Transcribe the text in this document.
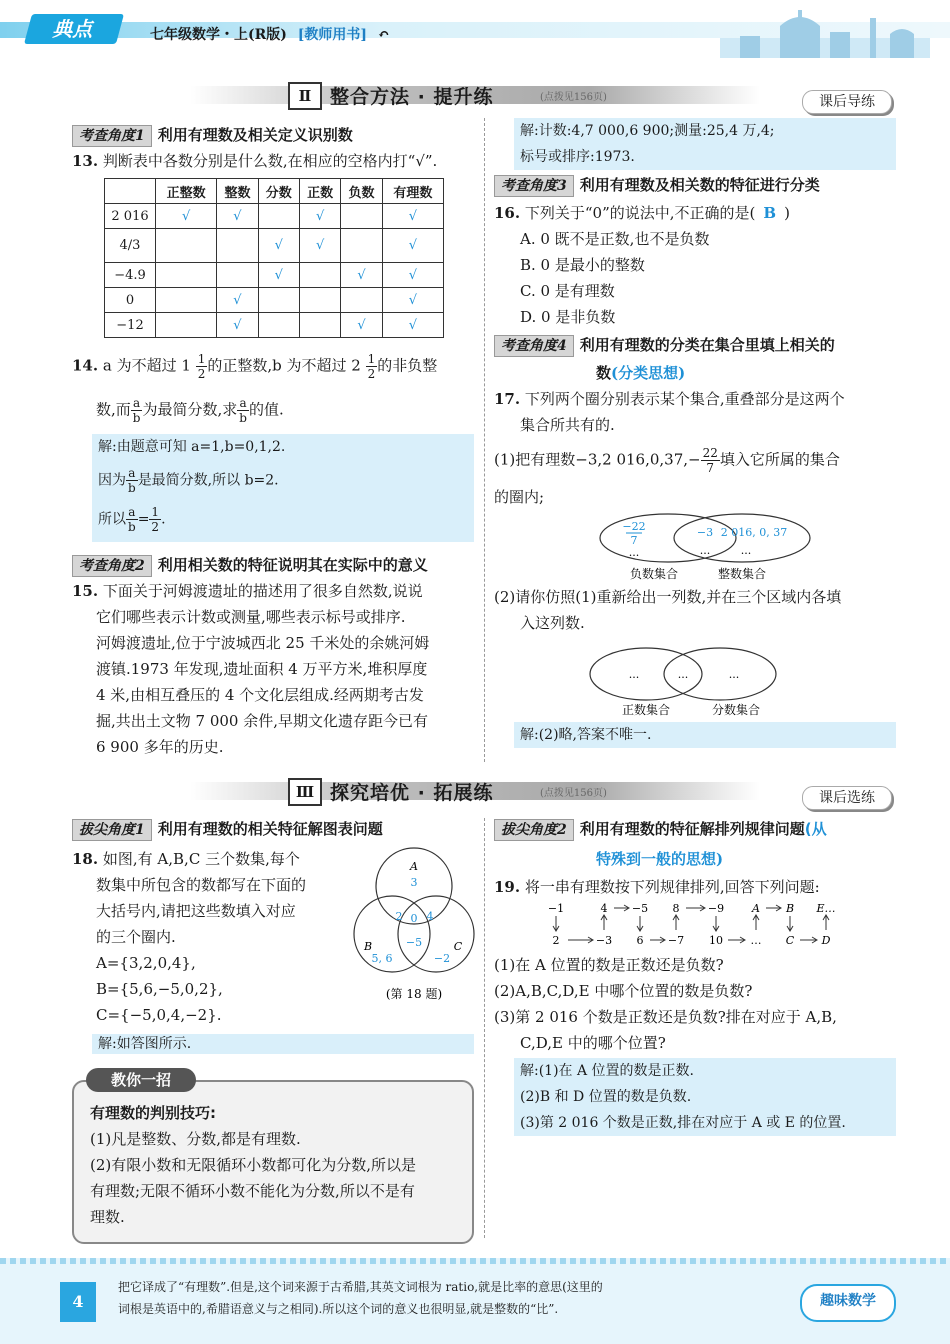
典点	七年级数学・上(R版) [教师用书] ↶
Ⅱ 整合方法 · 提升练	(点拨见156页)	课后导练
考查角度1 利用有理数及相关定义识别数
13. 判断表中各数分别是什么数,在相应的空格内打“√”.
	正整数	整数	分数	正数	负数	有理数
2 016	√	√		√		√
4/3			√	√		√
−4.9			√		√	√
0		√				√
−12		√			√	√
14. a 为不超过 $1 \frac{1}{2}$ 的正整数,b 为不超过 $2 \frac{1}{2}$ 的非负整
数,而 $\frac{a}{b}$ 为最简分数,求 $\frac{a}{b}$ 的值.
解:由题意可知 a=1,b=0,1,2.
因为 $\frac{a}{b}$ 是最简分数,所以 b=2.
所以 $\frac{a}{b} = \frac{1}{2}$ .
考查角度2 利用相关数的特征说明其在实际中的意义
15. 下面关于河姆渡遗址的描述用了很多自然数,说说
它们哪些表示计数或测量,哪些表示标号或排序.
河姆渡遗址,位于宁波城西北 25 千米处的余姚河姆
渡镇.1973 年发现,遗址面积 4 万平方米,堆积厚度
4 米,由相互叠压的 4 个文化层组成.经两期考古发
掘,共出土文物 7 000 余件,早期文化遗存距今已有
6 900 多年的历史.
解:计数:4,7 000,6 900;测量:25,4 万,4;
标号或排序:1973.
考查角度3 利用有理数及相关数的特征进行分类
16. 下列关于“0”的说法中,不正确的是( B )
A. 0 既不是正数,也不是负数
B. 0 是最小的整数
C. 0 是有理数
D. 0 是非负数
考查角度4 利用有理数的分类在集合里填上相关的
数(分类思想)
17. 下列两个圈分别表示某个集合,重叠部分是这两个
集合所共有的.
(1)把有理数−3,2 $016,0,37,- \frac{22}{7}$ 填入它所属的集合
的圈内;
−22
7
...
−3
...
2 016, 0, 37
...
负数集合	整数集合
(2)请你仿照(1)重新给出一列数,并在三个区域内各填
入这列数.
...	...	...
正数集合	分数集合
解:(2)略,答案不唯一.
Ⅲ 探究培优 · 拓展练	(点拨见156页)	课后选练
拔尖角度1 利用有理数的相关特征解图表问题
18. 如图,有 A,B,C 三个数集,每个
数集中所包含的数都写在下面的
大括号内,请把这些数填入对应
的三个圈内.
A={3,2,0,4},
B={5,6,−5,0,2},
C={−5,0,4,−2}.
A
3
2 0 4
−5
B
5, 6
C
−2
(第 18 题)
解:如答图所示.
教你一招
有理数的判别技巧:
(1)凡是整数、分数,都是有理数.
(2)有限小数和无限循环小数都可化为分数,所以是
有理数;无限不循环小数不能化为分数,所以不是有
理数.
拔尖角度2 利用有理数的特征解排列规律问题(从
特殊到一般的思想)
19. 将一串有理数按下列规律排列,回答下列问题:
−1	4 −5 8	−9	A B E…
2	−3 6 −7 10	… C D
(1)在 A 位置的数是正数还是负数?
(2)A,B,C,D,E 中哪个位置的数是负数?
(3)第 2 016 个数是正数还是负数?排在对应于 A,B,
C,D,E 中的哪个位置?
解:(1)在 A 位置的数是正数.
(2)B 和 D 位置的数是负数.
(3)第 2 016 个数是正数,排在对应于 A 或 E 的位置.
4
把它译成了“有理数”.但是,这个词来源于古希腊,其英文词根为 ratio,就是比率的意思(这里的
词根是英语中的,希腊语意义与之相同).所以这个词的意义也很明显,就是整数的“比”.	趣味数学
